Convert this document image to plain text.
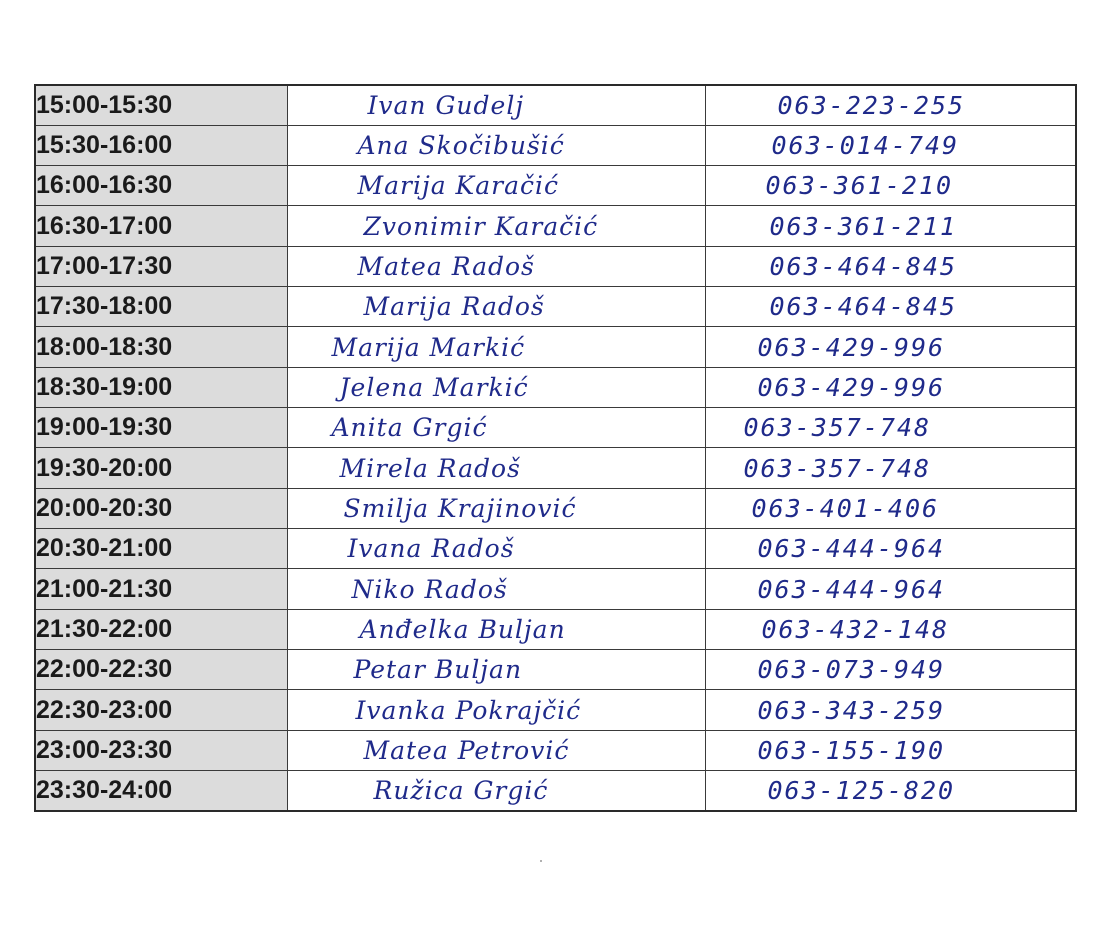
15:00-15:30	Ivan Gudelj	063-223-255
15:30-16:00	Ana Skočibušić	063-014-749
16:00-16:30	Marija Karačić	063-361-210
16:30-17:00	Zvonimir Karačić	063-361-211
17:00-17:30	Matea Radoš	063-464-845
17:30-18:00	Marija Radoš	063-464-845
18:00-18:30	Marija Markić	063-429-996
18:30-19:00	Jelena Markić	063-429-996
19:00-19:30	Anita Grgić	063-357-748
19:30-20:00	Mirela Radoš	063-357-748
20:00-20:30	Smiljа Krajinović	063-401-406
20:30-21:00	Ivana Radoš	063-444-964
21:00-21:30	Niko Radoš	063-444-964
21:30-22:00	Anđelka Buljan	063-432-148
22:00-22:30	Petar Buljan	063-073-949
22:30-23:00	Ivanka Pokrajčić	063-343-259
23:00-23:30	Matea Petrović	063-155-190
23:30-24:00	Ružica Grgić	063-125-820
